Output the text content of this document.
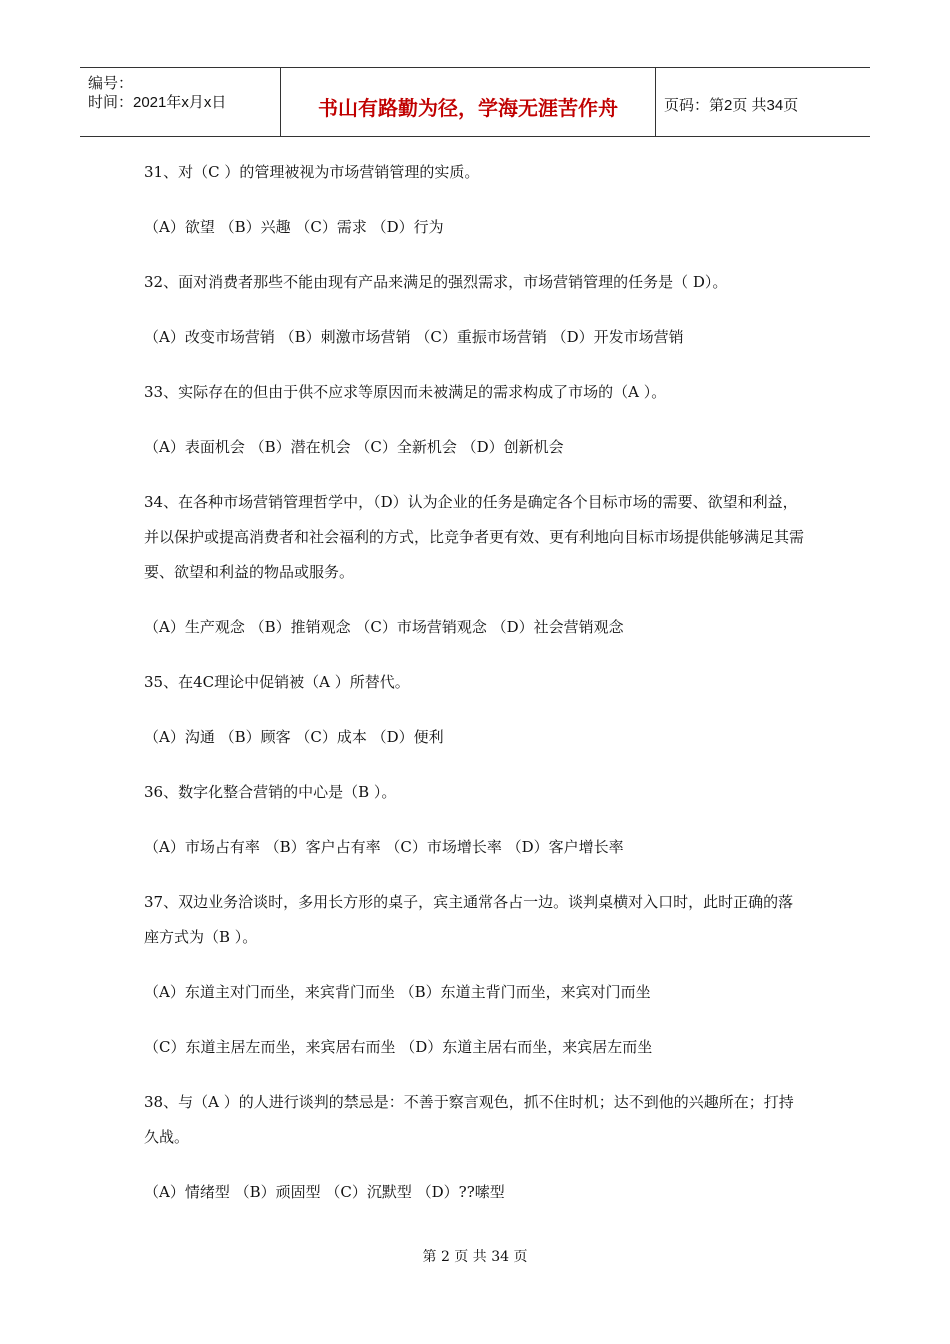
编号：
时间：2021年x月x日	书山有路勤为径，学海无涯苦作舟	页码：第2页 共34页
31、对（C ）的管理被视为市场营销管理的实质。
（A）欲望 （B）兴趣 （C）需求 （D）行为
32、面对消费者那些不能由现有产品来满足的强烈需求，市场营销管理的任务是（ D）。
（A）改变市场营销 （B）刺激市场营销 （C）重振市场营销 （D）开发市场营销
33、实际存在的但由于供不应求等原因而未被满足的需求构成了市场的（A ）。
（A）表面机会 （B）潜在机会 （C）全新机会 （D）创新机会
34、在各种市场营销管理哲学中，（D）认为企业的任务是确定各个目标市场的需要、欲望和利益，并以保护或提高消费者和社会福利的方式，比竞争者更有效、更有利地向目标市场提供能够满足其需要、欲望和利益的物品或服务。
（A）生产观念 （B）推销观念 （C）市场营销观念 （D）社会营销观念
35、在4C理论中促销被（A ）所替代。
（A）沟通 （B）顾客 （C）成本 （D）便利
36、数字化整合营销的中心是（B ）。
（A）市场占有率 （B）客户占有率 （C）市场增长率 （D）客户增长率
37、双边业务洽谈时，多用长方形的桌子，宾主通常各占一边。谈判桌横对入口时，此时正确的落座方式为（B ）。
（A）东道主对门而坐，来宾背门而坐 （B）东道主背门而坐，来宾对门而坐
（C）东道主居左而坐，来宾居右而坐 （D）东道主居右而坐，来宾居左而坐
38、与（A ）的人进行谈判的禁忌是：不善于察言观色，抓不住时机；达不到他的兴趣所在；打持久战。
（A）情绪型 （B）顽固型 （C）沉默型 （D）??嗦型
第 2 页 共 34 页
